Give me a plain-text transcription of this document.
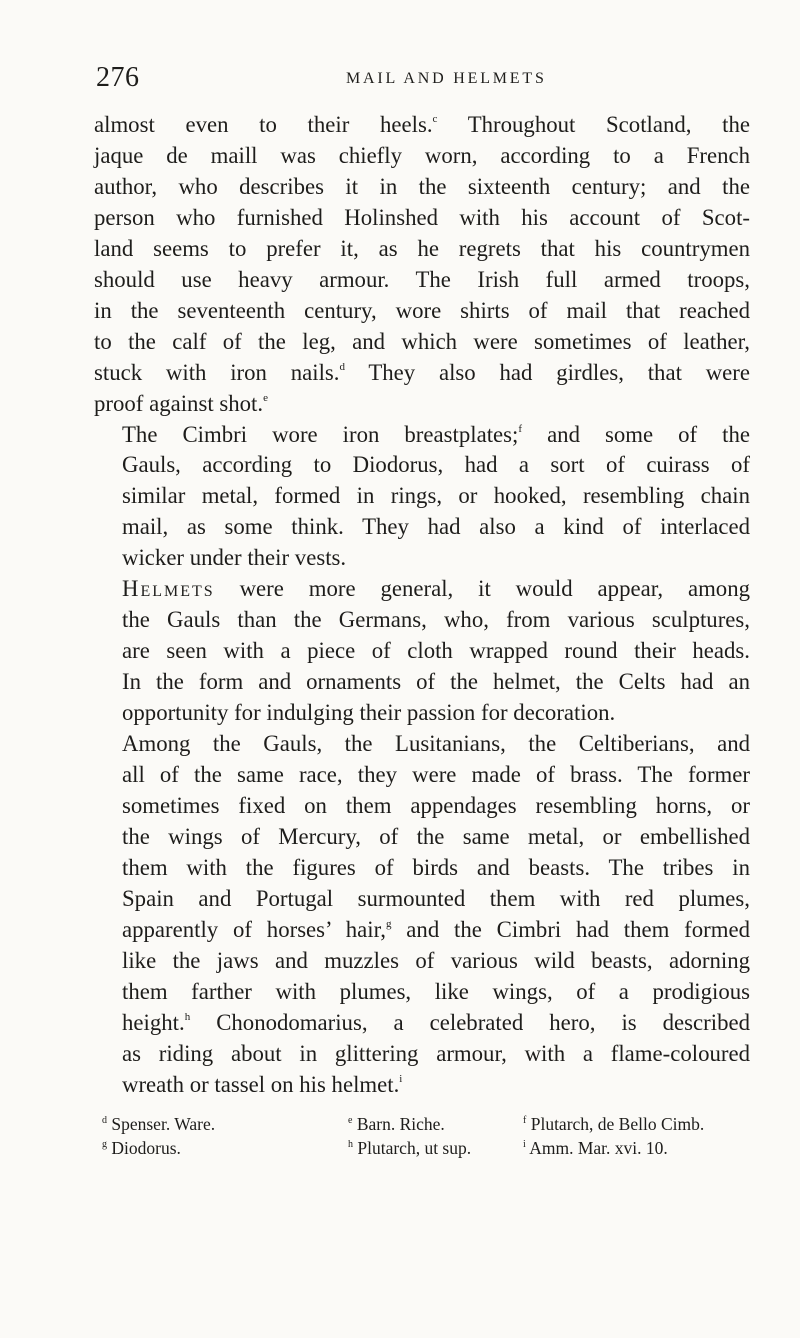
276	MAIL AND HELMETS

almost even to their heels.$^c$ Throughout Scotland, the
jaque de maill was chiefly worn, according to a French
author, who describes it in the sixteenth century; and the
person who furnished Holinshed with his account of Scot-
land seems to prefer it, as he regrets that his countrymen
should use heavy armour. The Irish full armed troops,
in the seventeenth century, wore shirts of mail that reached
to the calf of the leg, and which were sometimes of leather,
stuck with iron nails.$^d$ They also had girdles, that were
proof against shot.$^e$

The Cimbri wore iron breastplates;$^f$ and some of the
Gauls, according to Diodorus, had a sort of cuirass of
similar metal, formed in rings, or hooked, resembling chain
mail, as some think. They had also a kind of interlaced
wicker under their vests.

Helmets were more general, it would appear, among
the Gauls than the Germans, who, from various sculptures,
are seen with a piece of cloth wrapped round their heads.
In the form and ornaments of the helmet, the Celts had an
opportunity for indulging their passion for decoration.

Among the Gauls, the Lusitanians, the Celtiberians, and
all of the same race, they were made of brass. The former
sometimes fixed on them appendages resembling horns, or
the wings of Mercury, of the same metal, or embellished
them with the figures of birds and beasts. The tribes in
Spain and Portugal surmounted them with red plumes,
apparently of horses’ hair,$^g$ and the Cimbri had them formed
like the jaws and muzzles of various wild beasts, adorning
them farther with plumes, like wings, of a prodigious
height.$^h$ Chonodomarius, a celebrated hero, is described
as riding about in glittering armour, with a flame-coloured
wreath or tassel on his helmet.$^i$

$^d$ Spenser. Ware.	$^e$ Barn. Riche.	$^f$ Plutarch, de Bello Cimb.
$^g$ Diodorus.	$^h$ Plutarch, ut sup.	$^i$ Amm. Mar. xvi. 10.
